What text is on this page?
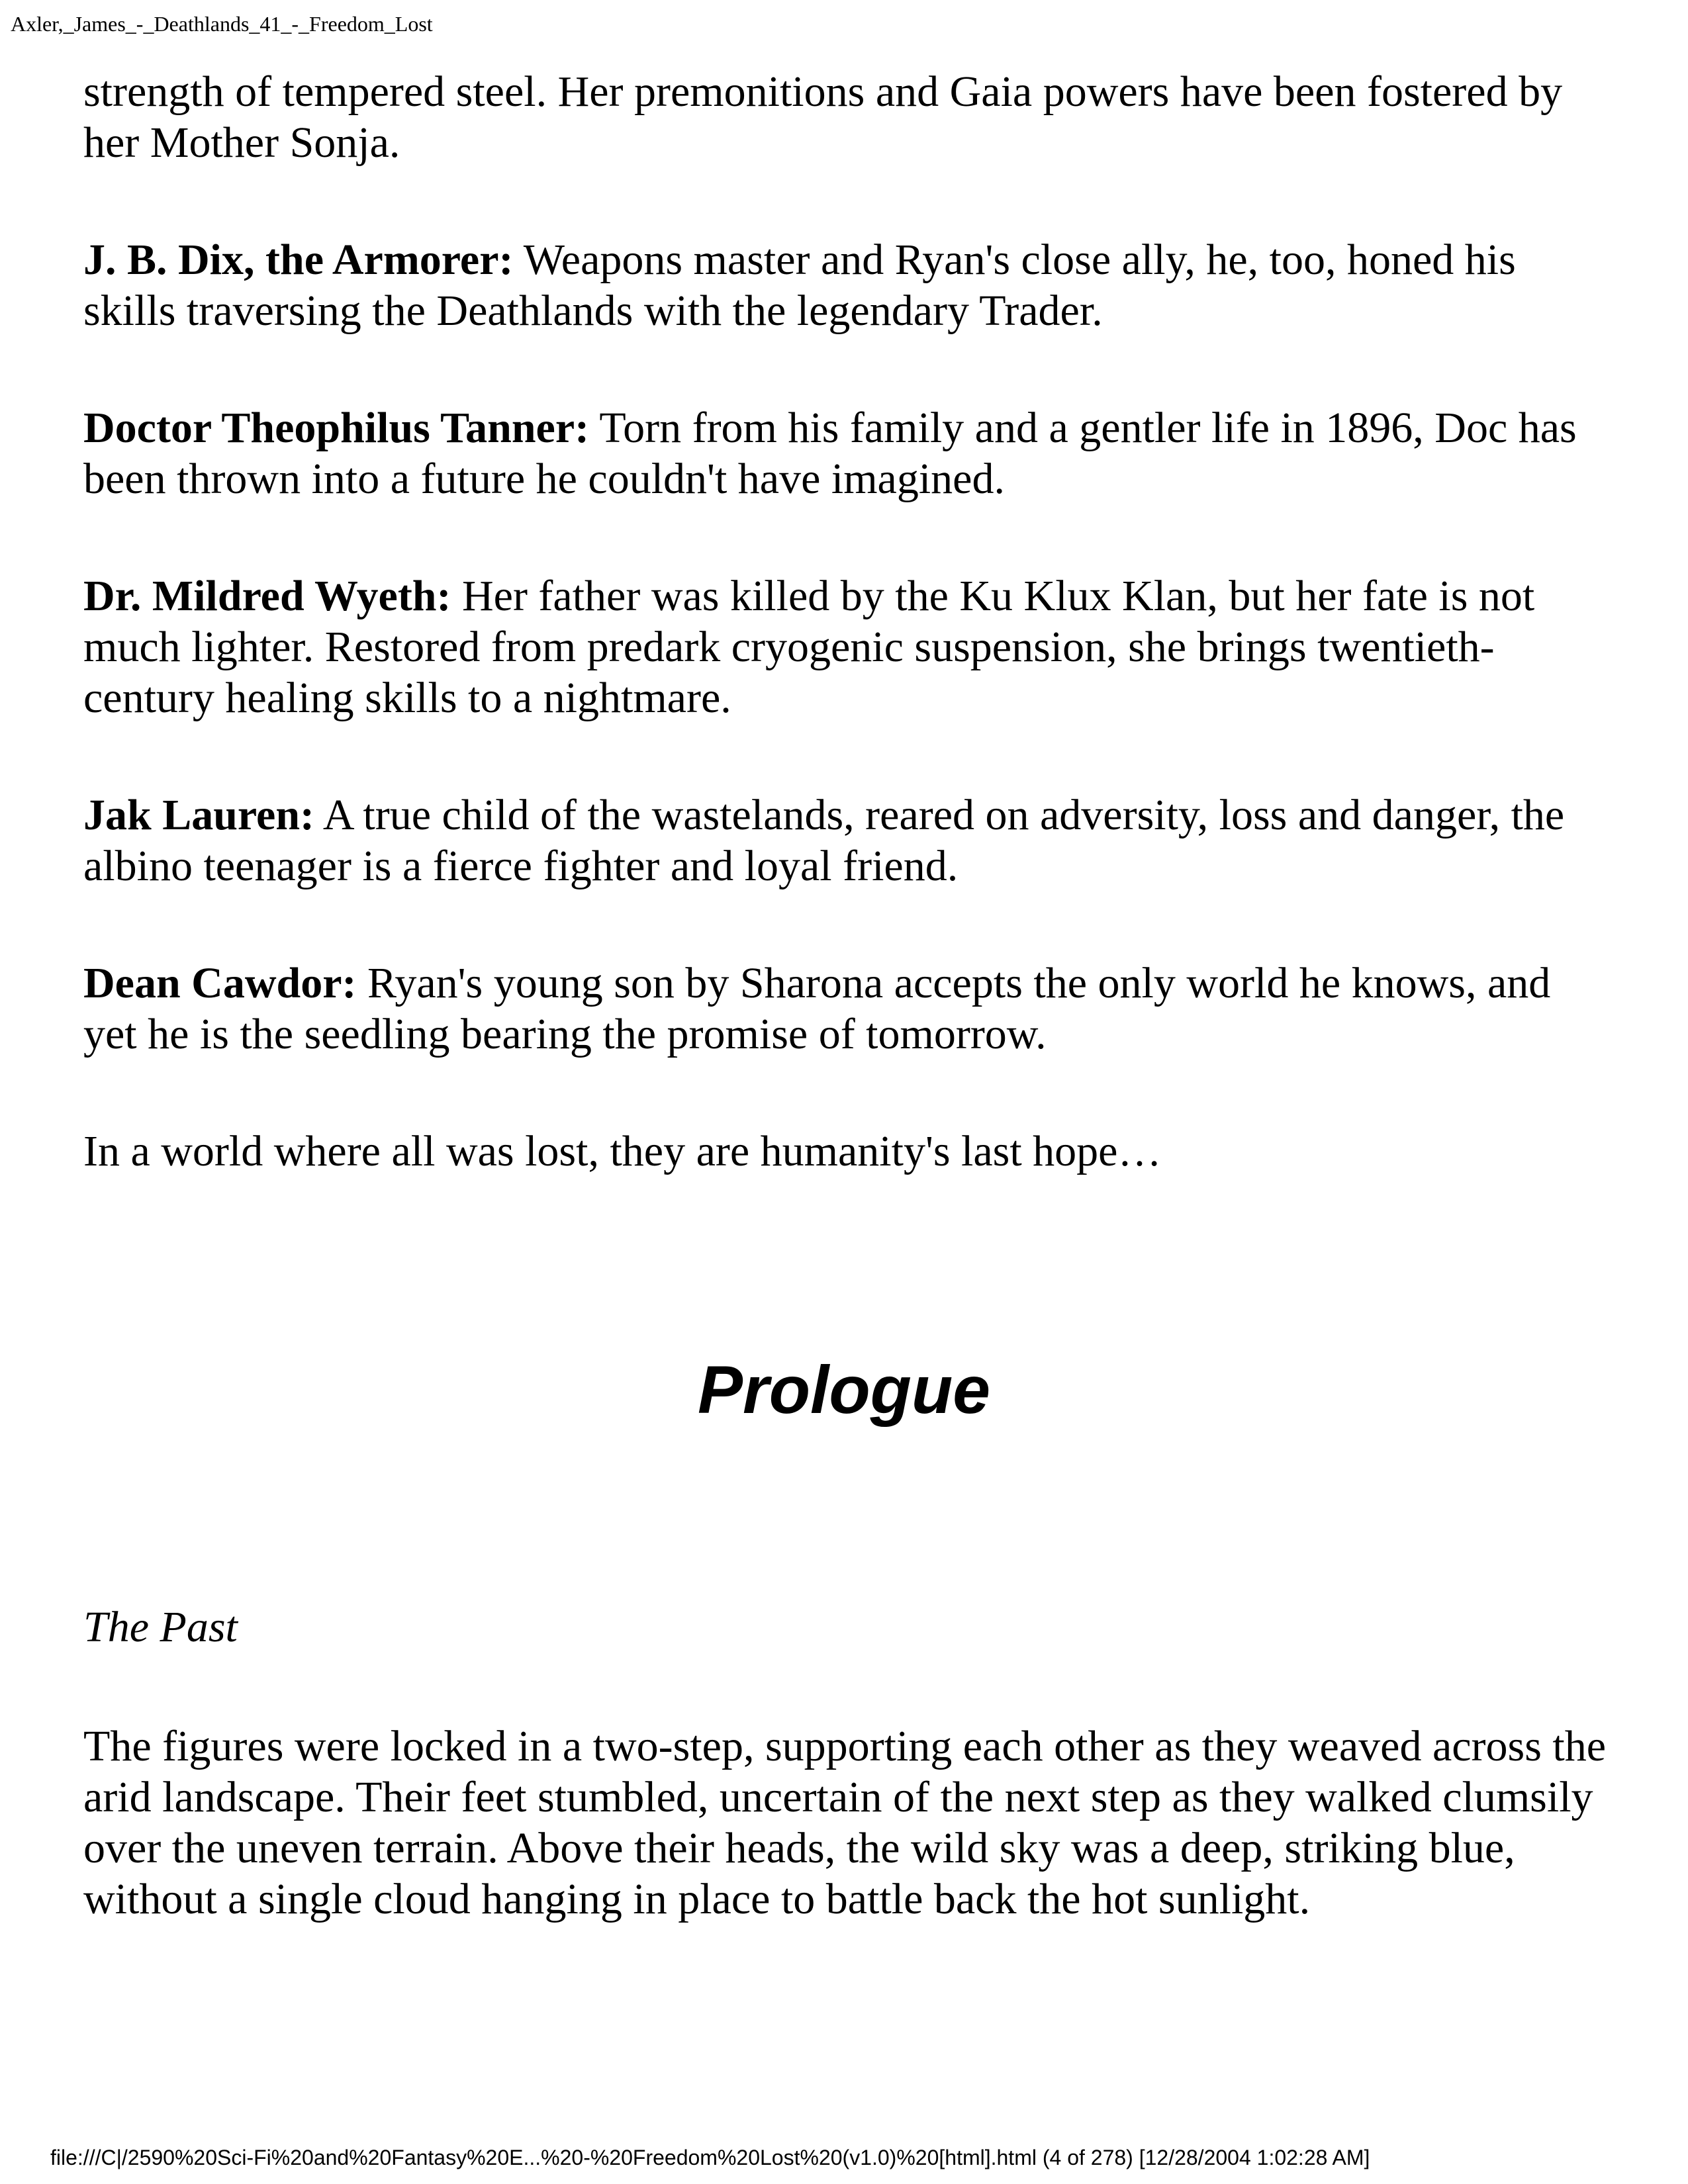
Axler,_James_-_Deathlands_41_-_Freedom_Lost

strength of tempered steel. Her premonitions and Gaia powers have been fostered by her Mother Sonja.

J. B. Dix, the Armorer: Weapons master and Ryan's close ally, he, too, honed his skills traversing the Deathlands with the legendary Trader.

Doctor Theophilus Tanner: Torn from his family and a gentler life in 1896, Doc has been thrown into a future he couldn't have imagined.

Dr. Mildred Wyeth: Her father was killed by the Ku Klux Klan, but her fate is not much lighter. Restored from predark cryogenic suspension, she brings twentieth-century healing skills to a nightmare.

Jak Lauren: A true child of the wastelands, reared on adversity, loss and danger, the albino teenager is a fierce fighter and loyal friend.

Dean Cawdor: Ryan's young son by Sharona accepts the only world he knows, and yet he is the seedling bearing the promise of tomorrow.

In a world where all was lost, they are humanity's last hope…

Prologue
The Past

The figures were locked in a two-step, supporting each other as they weaved across the arid landscape. Their feet stumbled, uncertain of the next step as they walked clumsily over the uneven terrain. Above their heads, the wild sky was a deep, striking blue, without a single cloud hanging in place to battle back the hot sunlight.

file:///C|/2590%20Sci-Fi%20and%20Fantasy%20E...%20-%20Freedom%20Lost%20(v1.0)%20[html].html (4 of 278) [12/28/2004 1:02:28 AM]
